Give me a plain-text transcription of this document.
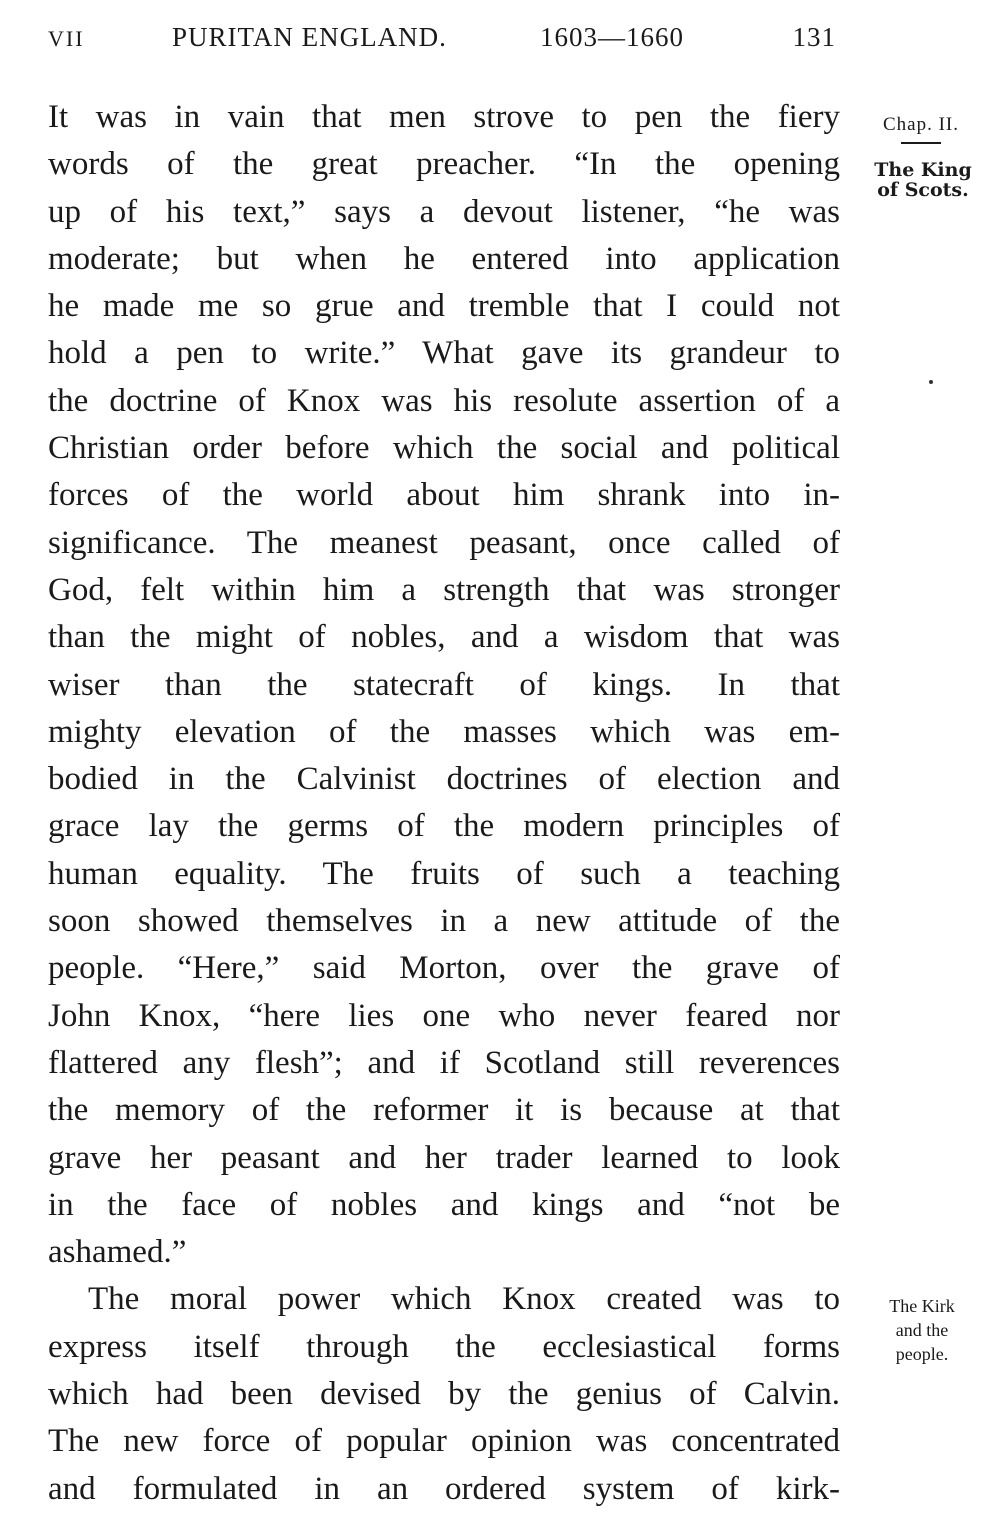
VII	PURITAN ENGLAND.	1603—1660	131

It was in vain that men strove to pen the fiery
words of the great preacher. “In the opening
up of his text,” says a devout listener, “he was
moderate; but when he entered into application
he made me so grue and tremble that I could not
hold a pen to write.” What gave its grandeur to
the doctrine of Knox was his resolute assertion of a
Christian order before which the social and political
forces of the world about him shrank into in-
significance. The meanest peasant, once called of
God, felt within him a strength that was stronger
than the might of nobles, and a wisdom that was
wiser than the statecraft of kings. In that
mighty elevation of the masses which was em-
bodied in the Calvinist doctrines of election and
grace lay the germs of the modern principles of
human equality. The fruits of such a teaching
soon showed themselves in a new attitude of the
people. “Here,” said Morton, over the grave of
John Knox, “here lies one who never feared nor
flattered any flesh”; and if Scotland still reverences
the memory of the reformer it is because at that
grave her peasant and her trader learned to look
in the face of nobles and kings and “not be
ashamed.”

The moral power which Knox created was to
express itself through the ecclesiastical forms
which had been devised by the genius of Calvin.
The new force of popular opinion was concentrated
and formulated in an ordered system of kirk-

Chap. II.
The King
of Scots.
The Kirk
and the
people.
